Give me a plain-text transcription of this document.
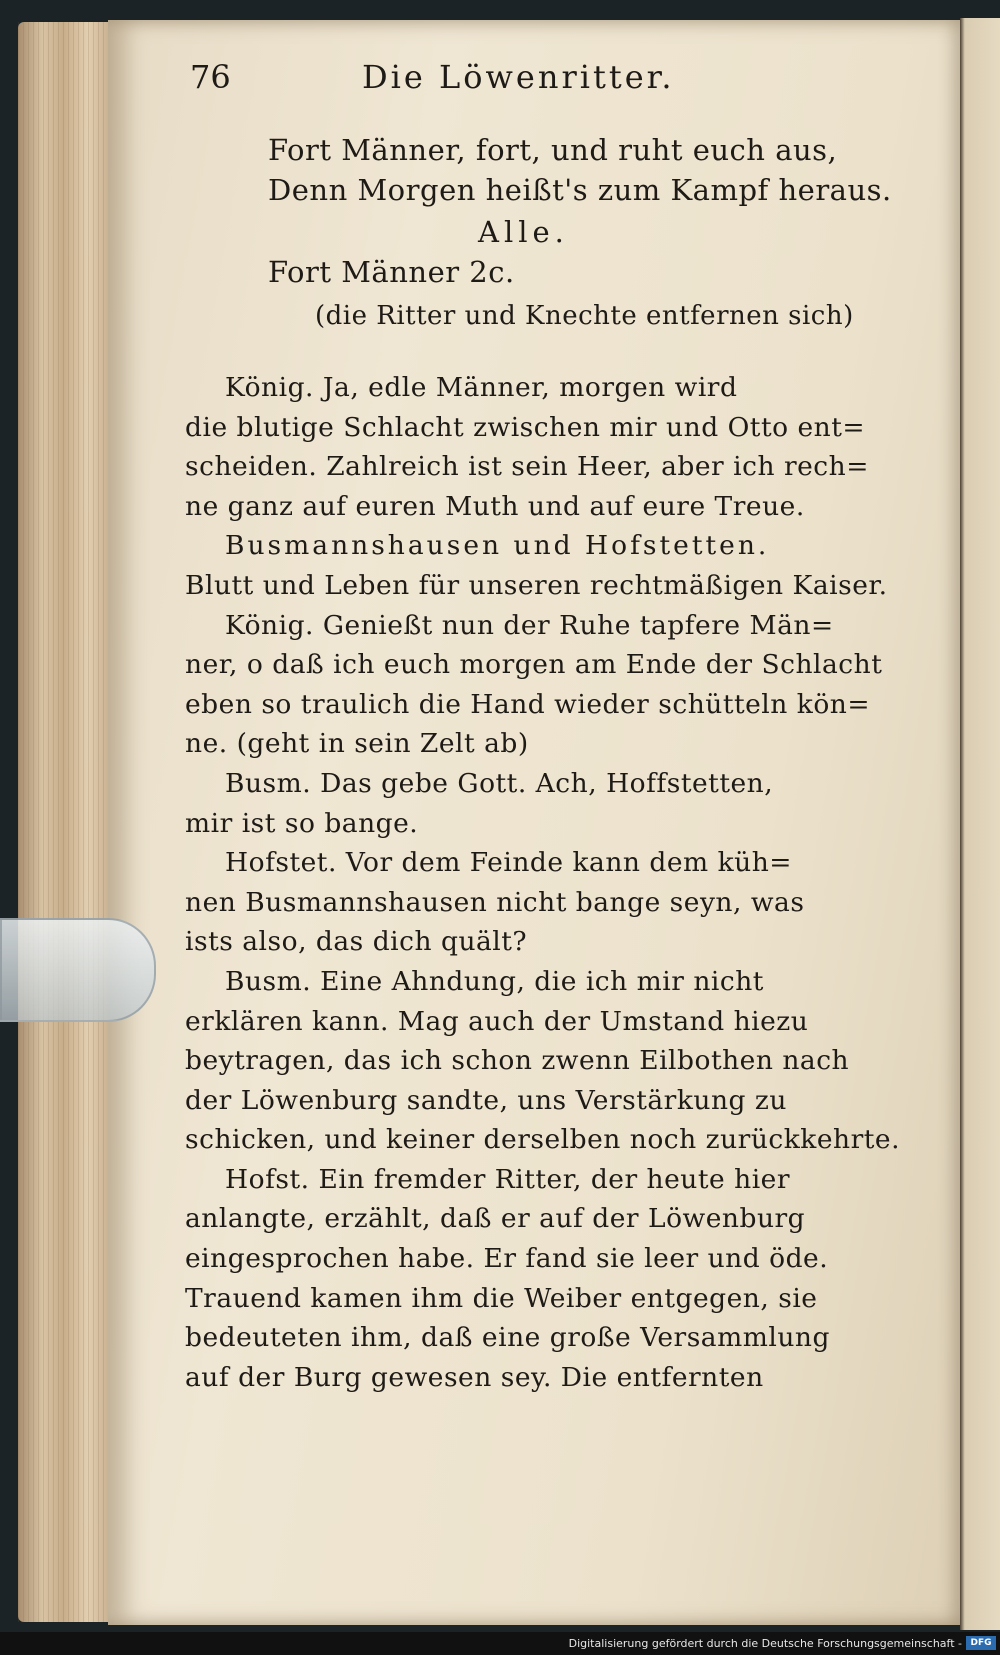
76	Die Löwenritter.
Fort Männer, fort, und ruht euch aus,
Denn Morgen heißt's zum Kampf heraus.
Alle.
Fort Männer 2c.
(die Ritter und Knechte entfernen sich)
König. Ja, edle Männer, morgen wird
die blutige Schlacht zwischen mir und Otto ent=
scheiden. Zahlreich ist sein Heer, aber ich rech=
ne ganz auf euren Muth und auf eure Treue.
Busmannshausen und Hofstetten.
Blutt und Leben für unseren rechtmäßigen Kaiser.
König. Genießt nun der Ruhe tapfere Män=
ner, o daß ich euch morgen am Ende der Schlacht
eben so traulich die Hand wieder schütteln kön=
ne. (geht in sein Zelt ab)
Busm. Das gebe Gott. Ach, Hoffstetten,
mir ist so bange.
Hofstet. Vor dem Feinde kann dem küh=
nen Busmannshausen nicht bange seyn, was
ists also, das dich quält?
Busm. Eine Ahndung, die ich mir nicht
erklären kann. Mag auch der Umstand hiezu
beytragen, das ich schon zwenn Eilbothen nach
der Löwenburg sandte, uns Verstärkung zu
schicken, und keiner derselben noch zurückkehrte.
Hofst. Ein fremder Ritter, der heute hier
anlangte, erzählt, daß er auf der Löwenburg
eingesprochen habe. Er fand sie leer und öde.
Trauend kamen ihm die Weiber entgegen, sie
bedeuteten ihm, daß eine große Versammlung
auf der Burg gewesen sey. Die entfernten
Digitalisierung gefördert durch die Deutsche Forschungsgemeinschaft - DFG
